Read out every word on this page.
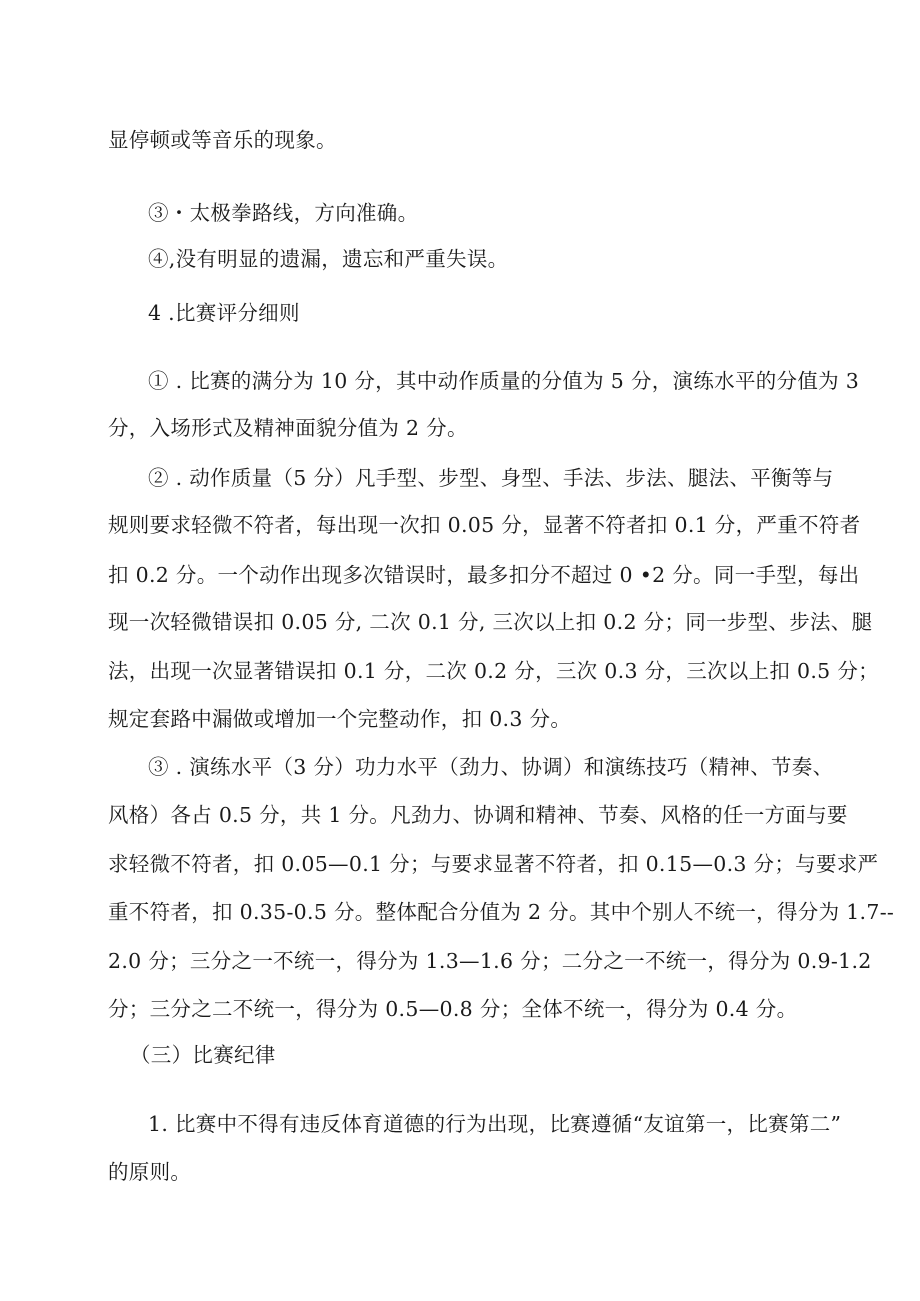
显停顿或等音乐的现象。
③・太极拳路线，方向准确。
④,没有明显的遗漏，遗忘和严重失误。
4 .比赛评分细则
① . 比赛的满分为 10 分，其中动作质量的分值为 5 分，演练水平的分值为 3
分，入场形式及精神面貌分值为 2 分。
② . 动作质量（5 分）凡手型、步型、身型、手法、步法、腿法、平衡等与
规则要求轻微不符者，每出现一次扣 0.05 分，显著不符者扣 0.1 分，严重不符者
扣 0.2 分。一个动作出现多次错误时，最多扣分不超过 0 •2 分。同一手型，每出
现一次轻微错误扣 0.05 分, 二次 0.1 分, 三次以上扣 0.2 分；同一步型、步法、腿
法，出现一次显著错误扣 0.1 分，二次 0.2 分，三次 0.3 分，三次以上扣 0.5 分；
规定套路中漏做或增加一个完整动作，扣 0.3 分。
③ . 演练水平（3 分）功力水平（劲力、协调）和演练技巧（精神、节奏、
风格）各占 0.5 分，共 1 分。凡劲力、协调和精神、节奏、风格的任一方面与要
求轻微不符者，扣 0.05—0.1 分；与要求显著不符者，扣 0.15—0.3 分；与要求严
重不符者，扣 0.35-0.5 分。整体配合分值为 2 分。其中个别人不统一，得分为 1.7--
2.0 分；三分之一不统一，得分为 1.3—1.6 分；二分之一不统一，得分为 0.9-1.2
分；三分之二不统一，得分为 0.5—0.8 分；全体不统一，得分为 0.4 分。
（三）比赛纪律
1. 比赛中不得有违反体育道德的行为出现，比赛遵循“友谊第一，比赛第二”
的原则。
